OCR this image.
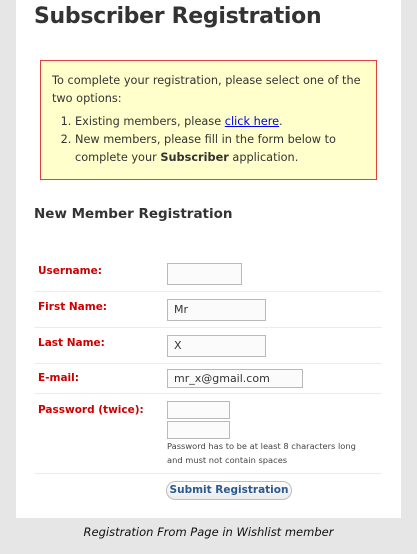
Subscriber Registration

To complete your registration, please select one of the two options:

1. Existing members, please click here.
2. New members, please fill in the form below to complete your Subscriber application.
New Member Registration
Username:
First Name:	Mr
Last Name:	X
E-mail:	mr_x@gmail.com
Password (twice):
Password has to be at least 8 characters long
and must not contain spaces
Submit Registration
Registration From Page in Wishlist member
